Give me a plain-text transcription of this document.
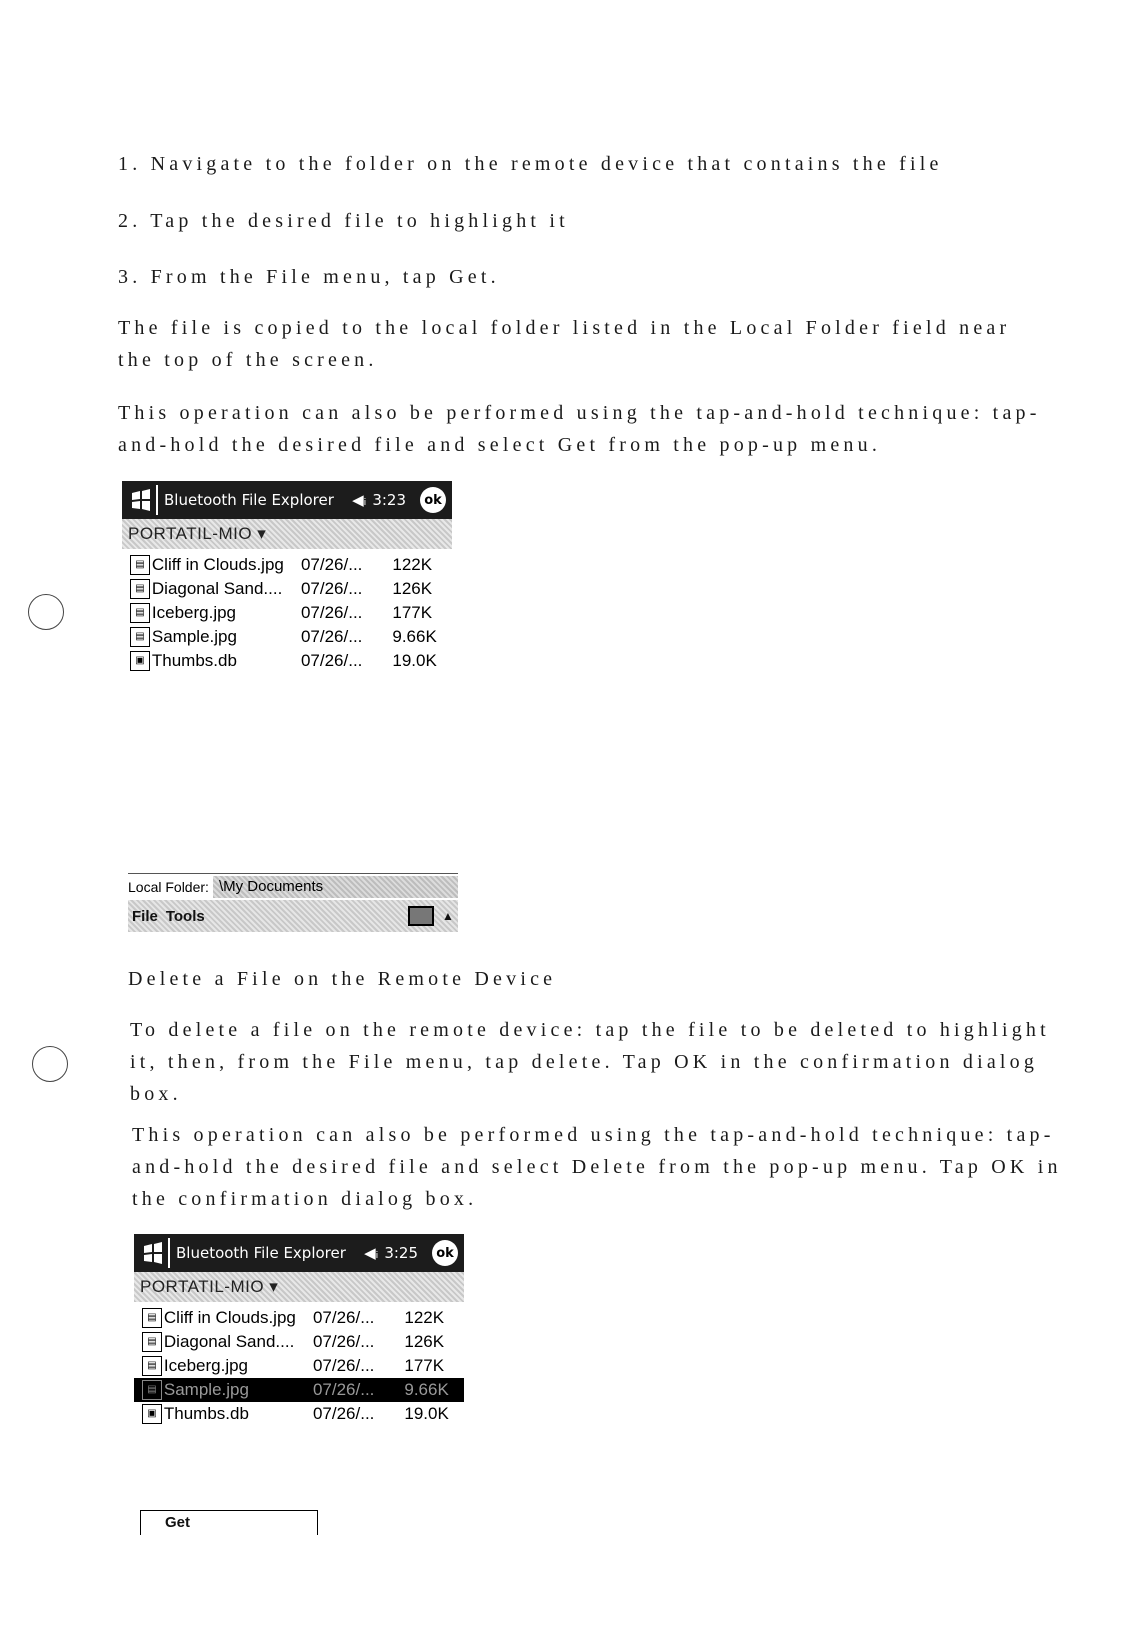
1. Navigate to the folder on the remote device that contains the file

2. Tap the desired file to highlight it

3. From the File menu, tap Get.

The file is copied to the local folder listed in the Local Folder field near
the top of the screen.

This operation can also be performed using the tap-and-hold technique: tap-
and-hold the desired file and select Get from the pop-up menu.

Bluetooth File Explorer	◀ᵢ 3:23	ok
PORTATIL-MIO ▾
▤ Cliff in Clouds.jpg	07/26/...	122K
▤ Diagonal Sand....	07/26/...	126K
▤ Iceberg.jpg	07/26/...	177K
▤ Sample.jpg	07/26/...	9.66K
▣ Thumbs.db	07/26/...	19.0K
Local Folder: \My Documents
File Tools	▲

Delete a File on the Remote Device

To delete a file on the remote device: tap the file to be deleted to highlight
it, then, from the File menu, tap delete. Tap OK in the confirmation dialog
box.

This operation can also be performed using the tap-and-hold technique: tap-
and-hold the desired file and select Delete from the pop-up menu. Tap OK in
the confirmation dialog box.

Bluetooth File Explorer	◀ᵢ 3:25	ok
PORTATIL-MIO ▾
▤ Cliff in Clouds.jpg	07/26/...	122K
▤ Diagonal Sand....	07/26/...	126K
▤ Iceberg.jpg	07/26/...	177K
▤ Sample.jpg	07/26/...	9.66K
▣ Thumbs.db	07/26/...	19.0K
Get
